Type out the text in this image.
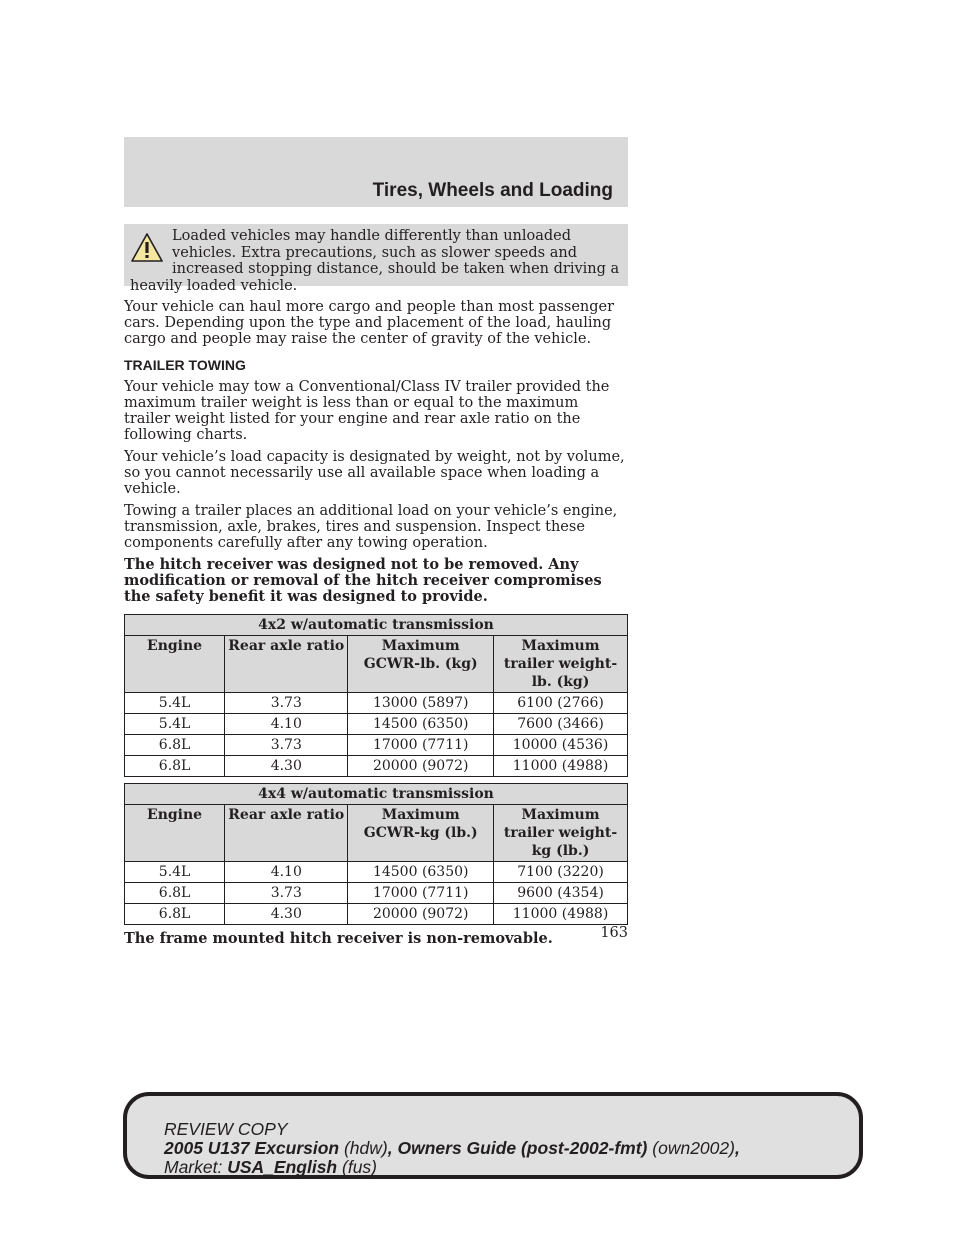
Tires, Wheels and Loading

Loaded vehicles may handle differently than unloaded vehicles. Extra precautions, such as slower speeds and increased stopping distance, should be taken when driving a heavily loaded vehicle.

Your vehicle can haul more cargo and people than most passenger cars. Depending upon the type and placement of the load, hauling cargo and people may raise the center of gravity of the vehicle.

TRAILER TOWING

Your vehicle may tow a Conventional/Class IV trailer provided the maximum trailer weight is less than or equal to the maximum trailer weight listed for your engine and rear axle ratio on the following charts.

Your vehicle’s load capacity is designated by weight, not by volume, so you cannot necessarily use all available space when loading a vehicle.

Towing a trailer places an additional load on your vehicle’s engine, transmission, axle, brakes, tires and suspension. Inspect these components carefully after any towing operation.

The hitch receiver was designed not to be removed. Any modification or removal of the hitch receiver compromises the safety benefit it was designed to provide.

4x2 w/automatic transmission			
Engine	Rear axle ratio	Maximum GCWR-lb. (kg)	Maximum trailer weight-lb. (kg)
5.4L	3.73	13000 (5897)	6100 (2766)
5.4L	4.10	14500 (6350)	7600 (3466)
6.8L	3.73	17000 (7711)	10000 (4536)
6.8L	4.30	20000 (9072)	11000 (4988)
4x4 w/automatic transmission			
Engine	Rear axle ratio	Maximum GCWR-kg (lb.)	Maximum trailer weight-kg (lb.)
5.4L	4.10	14500 (6350)	7100 (3220)
6.8L	3.73	17000 (7711)	9600 (4354)
6.8L	4.30	20000 (9072)	11000 (4988)

The frame mounted hitch receiver is non-removable.	163
REVIEW COPY
2005 U137 Excursion (hdw), Owners Guide (post-2002-fmt) (own2002),
Market: USA_English (fus)
